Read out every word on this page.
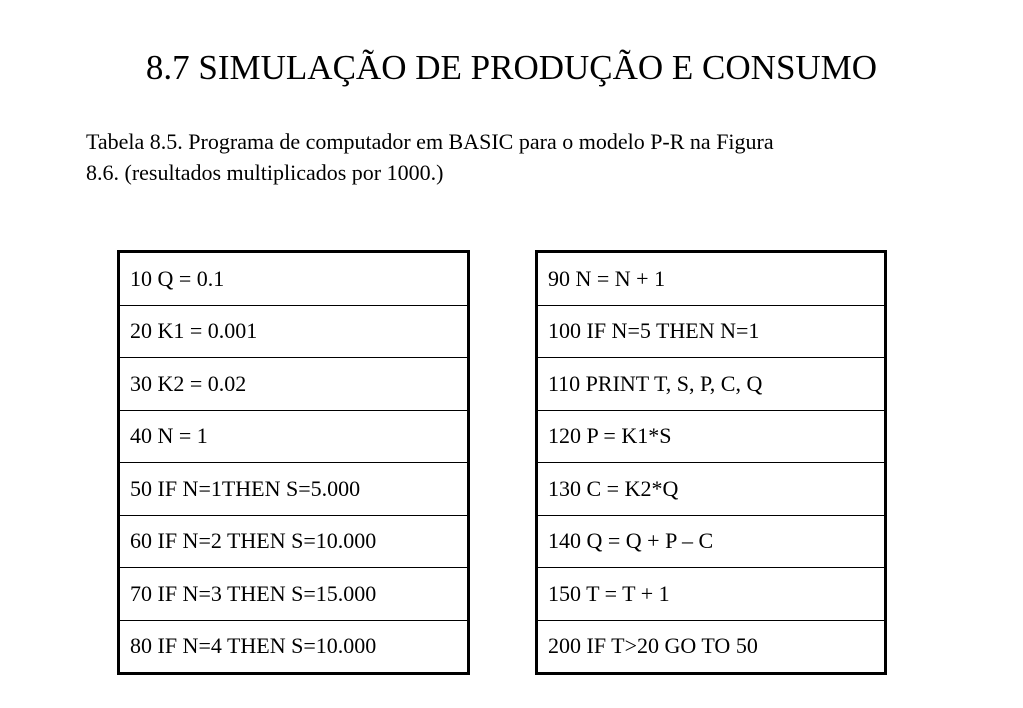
8.7 SIMULAÇÃO DE PRODUÇÃO E CONSUMO

Tabela 8.5. Programa de computador em BASIC para o modelo P-R na Figura
8.6. (resultados multiplicados por 1000.)

10 Q = 0.1
20 K1 = 0.001
30 K2 = 0.02
40 N = 1
50 IF N=1THEN S=5.000
60 IF N=2 THEN S=10.000
70 IF N=3 THEN S=15.000
80 IF N=4 THEN S=10.000
90 N = N + 1
100 IF N=5 THEN N=1
110 PRINT T, S, P, C, Q
120 P = K1*S
130 C = K2*Q
140 Q = Q + P – C
150 T = T + 1
200 IF T>20 GO TO 50
